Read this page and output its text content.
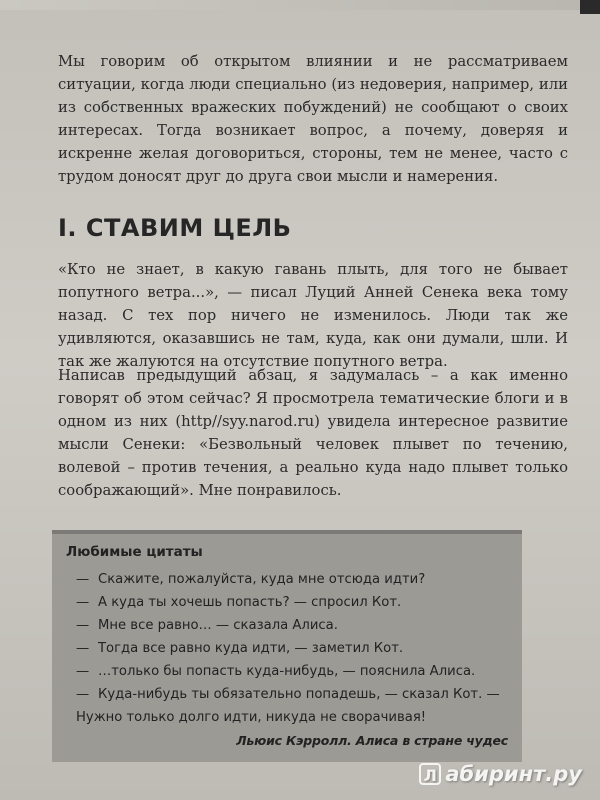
Мы говорим об открытом влиянии и не рассматриваем ситуации, когда люди специально (из недоверия, например, или из собственных вражеских побуждений) не сообщают о своих интересах. Тогда возникает вопрос, а почему, доверяя и искренне желая договориться, стороны, тем не менее, часто с трудом доносят друг до друга свои мысли и намерения.

I. СТАВИМ ЦЕЛЬ

«Кто не знает, в какую гавань плыть, для того не бывает попутного ветра...», — писал Луций Анней Сенека века тому назад. С тех пор ничего не изменилось. Люди так же удивляются, оказавшись не там, куда, как они думали, шли. И так же жалуются на отсутствие попутного ветра.

Написав предыдущий абзац, я задумалась – а как именно говорят об этом сейчас? Я просмотрела тематические блоги и в одном из них (http//syy.narod.ru) увидела интересное развитие мысли Сенеки: «Безвольный человек плывет по течению, волевой – против течения, а реально куда надо плывет только соображающий». Мне понравилось.

Любимые цитаты

— Скажите, пожалуйста, куда мне отсюда идти?

— А куда ты хочешь попасть? — спросил Кот.

— Мне все равно… — сказала Алиса.

— Тогда все равно куда идти, — заметил Кот.

— …только бы попасть куда-нибудь, — пояснила Алиса.

— Куда-нибудь ты обязательно попадешь, — сказал Кот. — Нужно только долго идти, никуда не сворачивая!

Льюис Кэрролл. Алиса в стране чудес
Л абиринт.ру
